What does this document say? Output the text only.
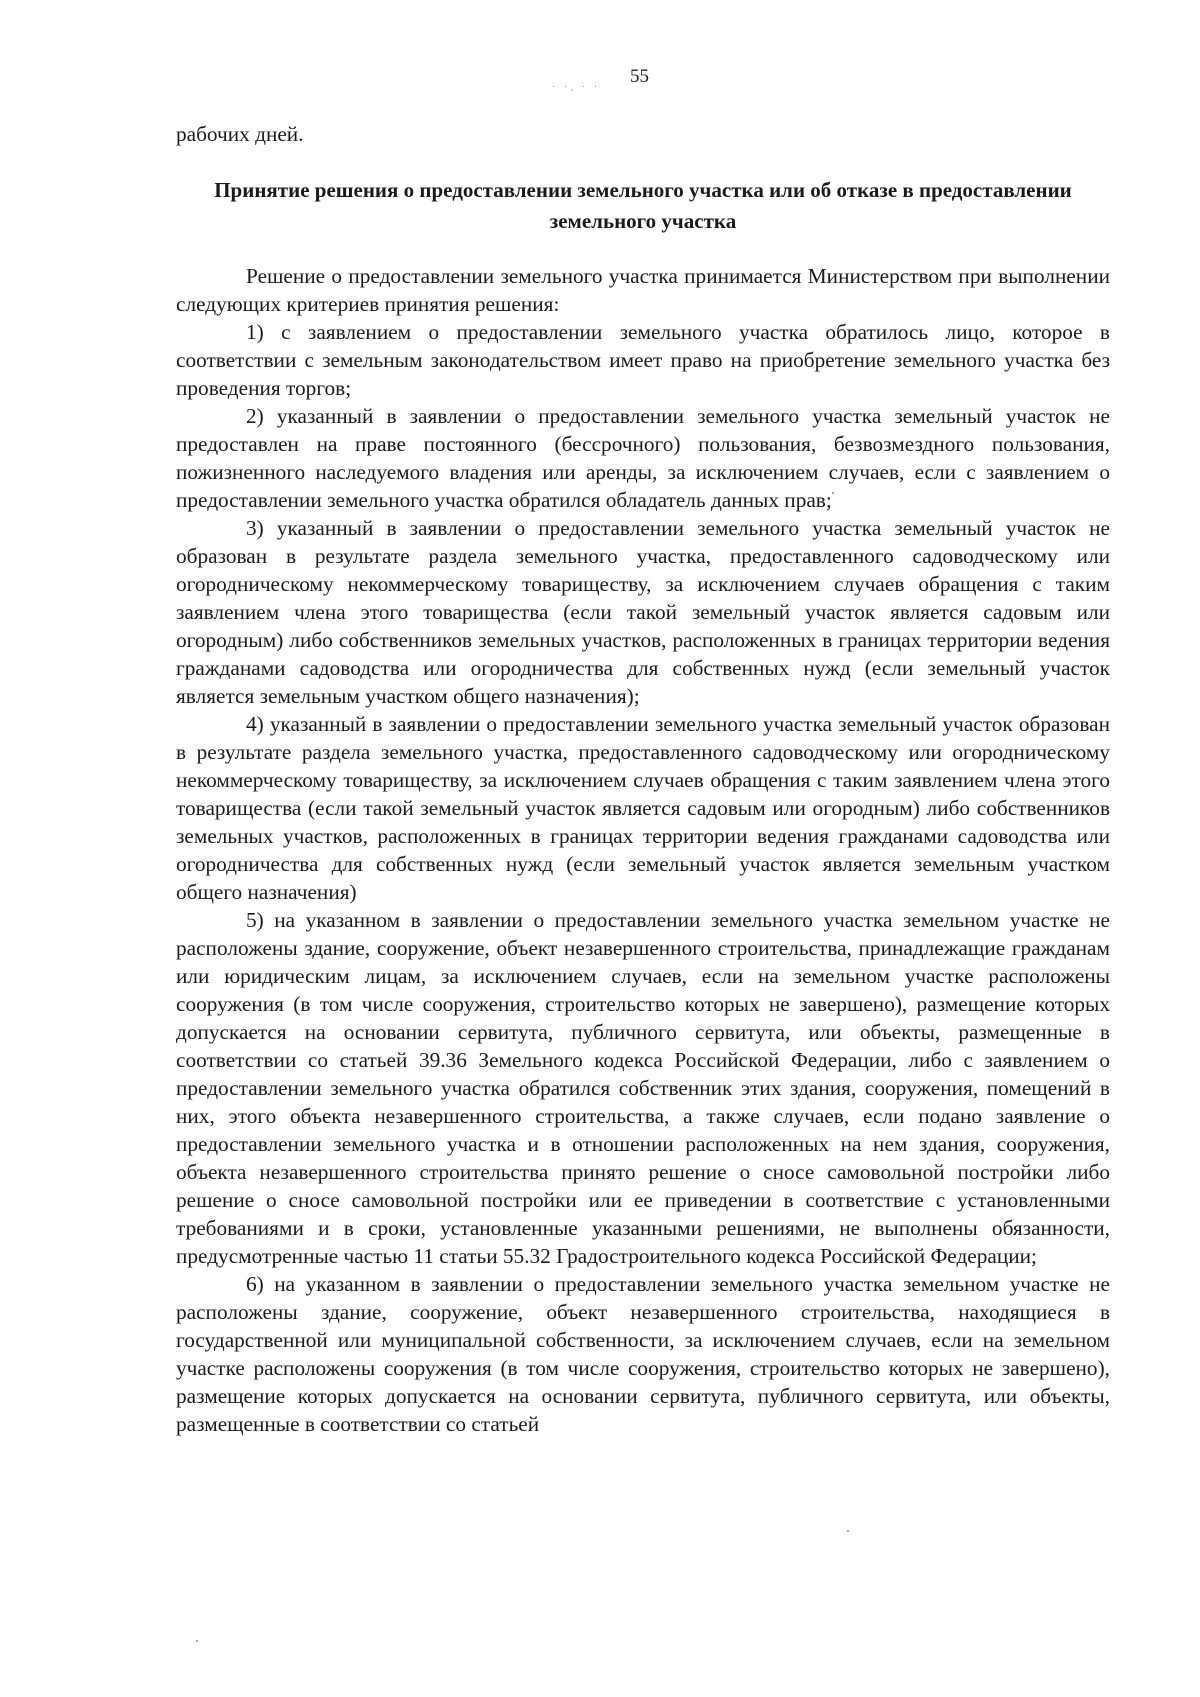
55
· ·‚ · ·
рабочих дней.
Принятие решения о предоставлении земельного участка или об отказе в предоставлении земельного участка

Решение о предоставлении земельного участка принимается Министерством при выполнении следующих критериев принятия решения:

1) с заявлением о предоставлении земельного участка обратилось лицо, которое в соответствии с земельным законодательством имеет право на приобретение земельного участка без проведения торгов;

2) указанный в заявлении о предоставлении земельного участка земельный участок не предоставлен на праве постоянного (бессрочного) пользования, безвозмездного пользования, пожизненного наследуемого владения или аренды, за исключением случаев, если с заявлением о предоставлении земельного участка обратился обладатель данных прав;

3) указанный в заявлении о предоставлении земельного участка земельный участок не образован в результате раздела земельного участка, предоставленного садоводческому или огородническому некоммерческому товариществу, за исключением случаев обращения с таким заявлением члена этого товарищества (если такой земельный участок является садовым или огородным) либо собственников земельных участков, расположенных в границах территории ведения гражданами садоводства или огородничества для собственных нужд (если земельный участок является земельным участком общего назначения);

4) указанный в заявлении о предоставлении земельного участка земельный участок образован в результате раздела земельного участка, предоставленного садоводческому или огородническому некоммерческому товариществу, за исключением случаев обращения с таким заявлением члена этого товарищества (если такой земельный участок является садовым или огородным) либо собственников земельных участков, расположенных в границах территории ведения гражданами садоводства или огородничества для собственных нужд (если земельный участок является земельным участком общего назначения)

5) на указанном в заявлении о предоставлении земельного участка земельном участке не расположены здание, сооружение, объект незавершенного строительства, принадлежащие гражданам или юридическим лицам, за исключением случаев, если на земельном участке расположены сооружения (в том числе сооружения, строительство которых не завершено), размещение которых допускается на основании сервитута, публичного сервитута, или объекты, размещенные в соответствии со статьей 39.36 Земельного кодекса Российской Федерации, либо с заявлением о предоставлении земельного участка обратился собственник этих здания, сооружения, помещений в них, этого объекта незавершенного строительства, а также случаев, если подано заявление о предоставлении земельного участка и в отношении расположенных на нем здания, сооружения, объекта незавершенного строительства принято решение о сносе самовольной постройки либо решение о сносе самовольной постройки или ее приведении в соответствие с установленными требованиями и в сроки, установленные указанными решениями, не выполнены обязанности, предусмотренные частью 11 статьи 55.32 Градостроительного кодекса Российской Федерации;

6) на указанном в заявлении о предоставлении земельного участка земельном участке не расположены здание, сооружение, объект незавершенного строительства, находящиеся в государственной или муниципальной собственности, за исключением случаев, если на земельном участке расположены сооружения (в том числе сооружения, строительство которых не завершено), размещение которых допускается на основании сервитута, публичного сервитута, или объекты, размещенные в соответствии со статьей
